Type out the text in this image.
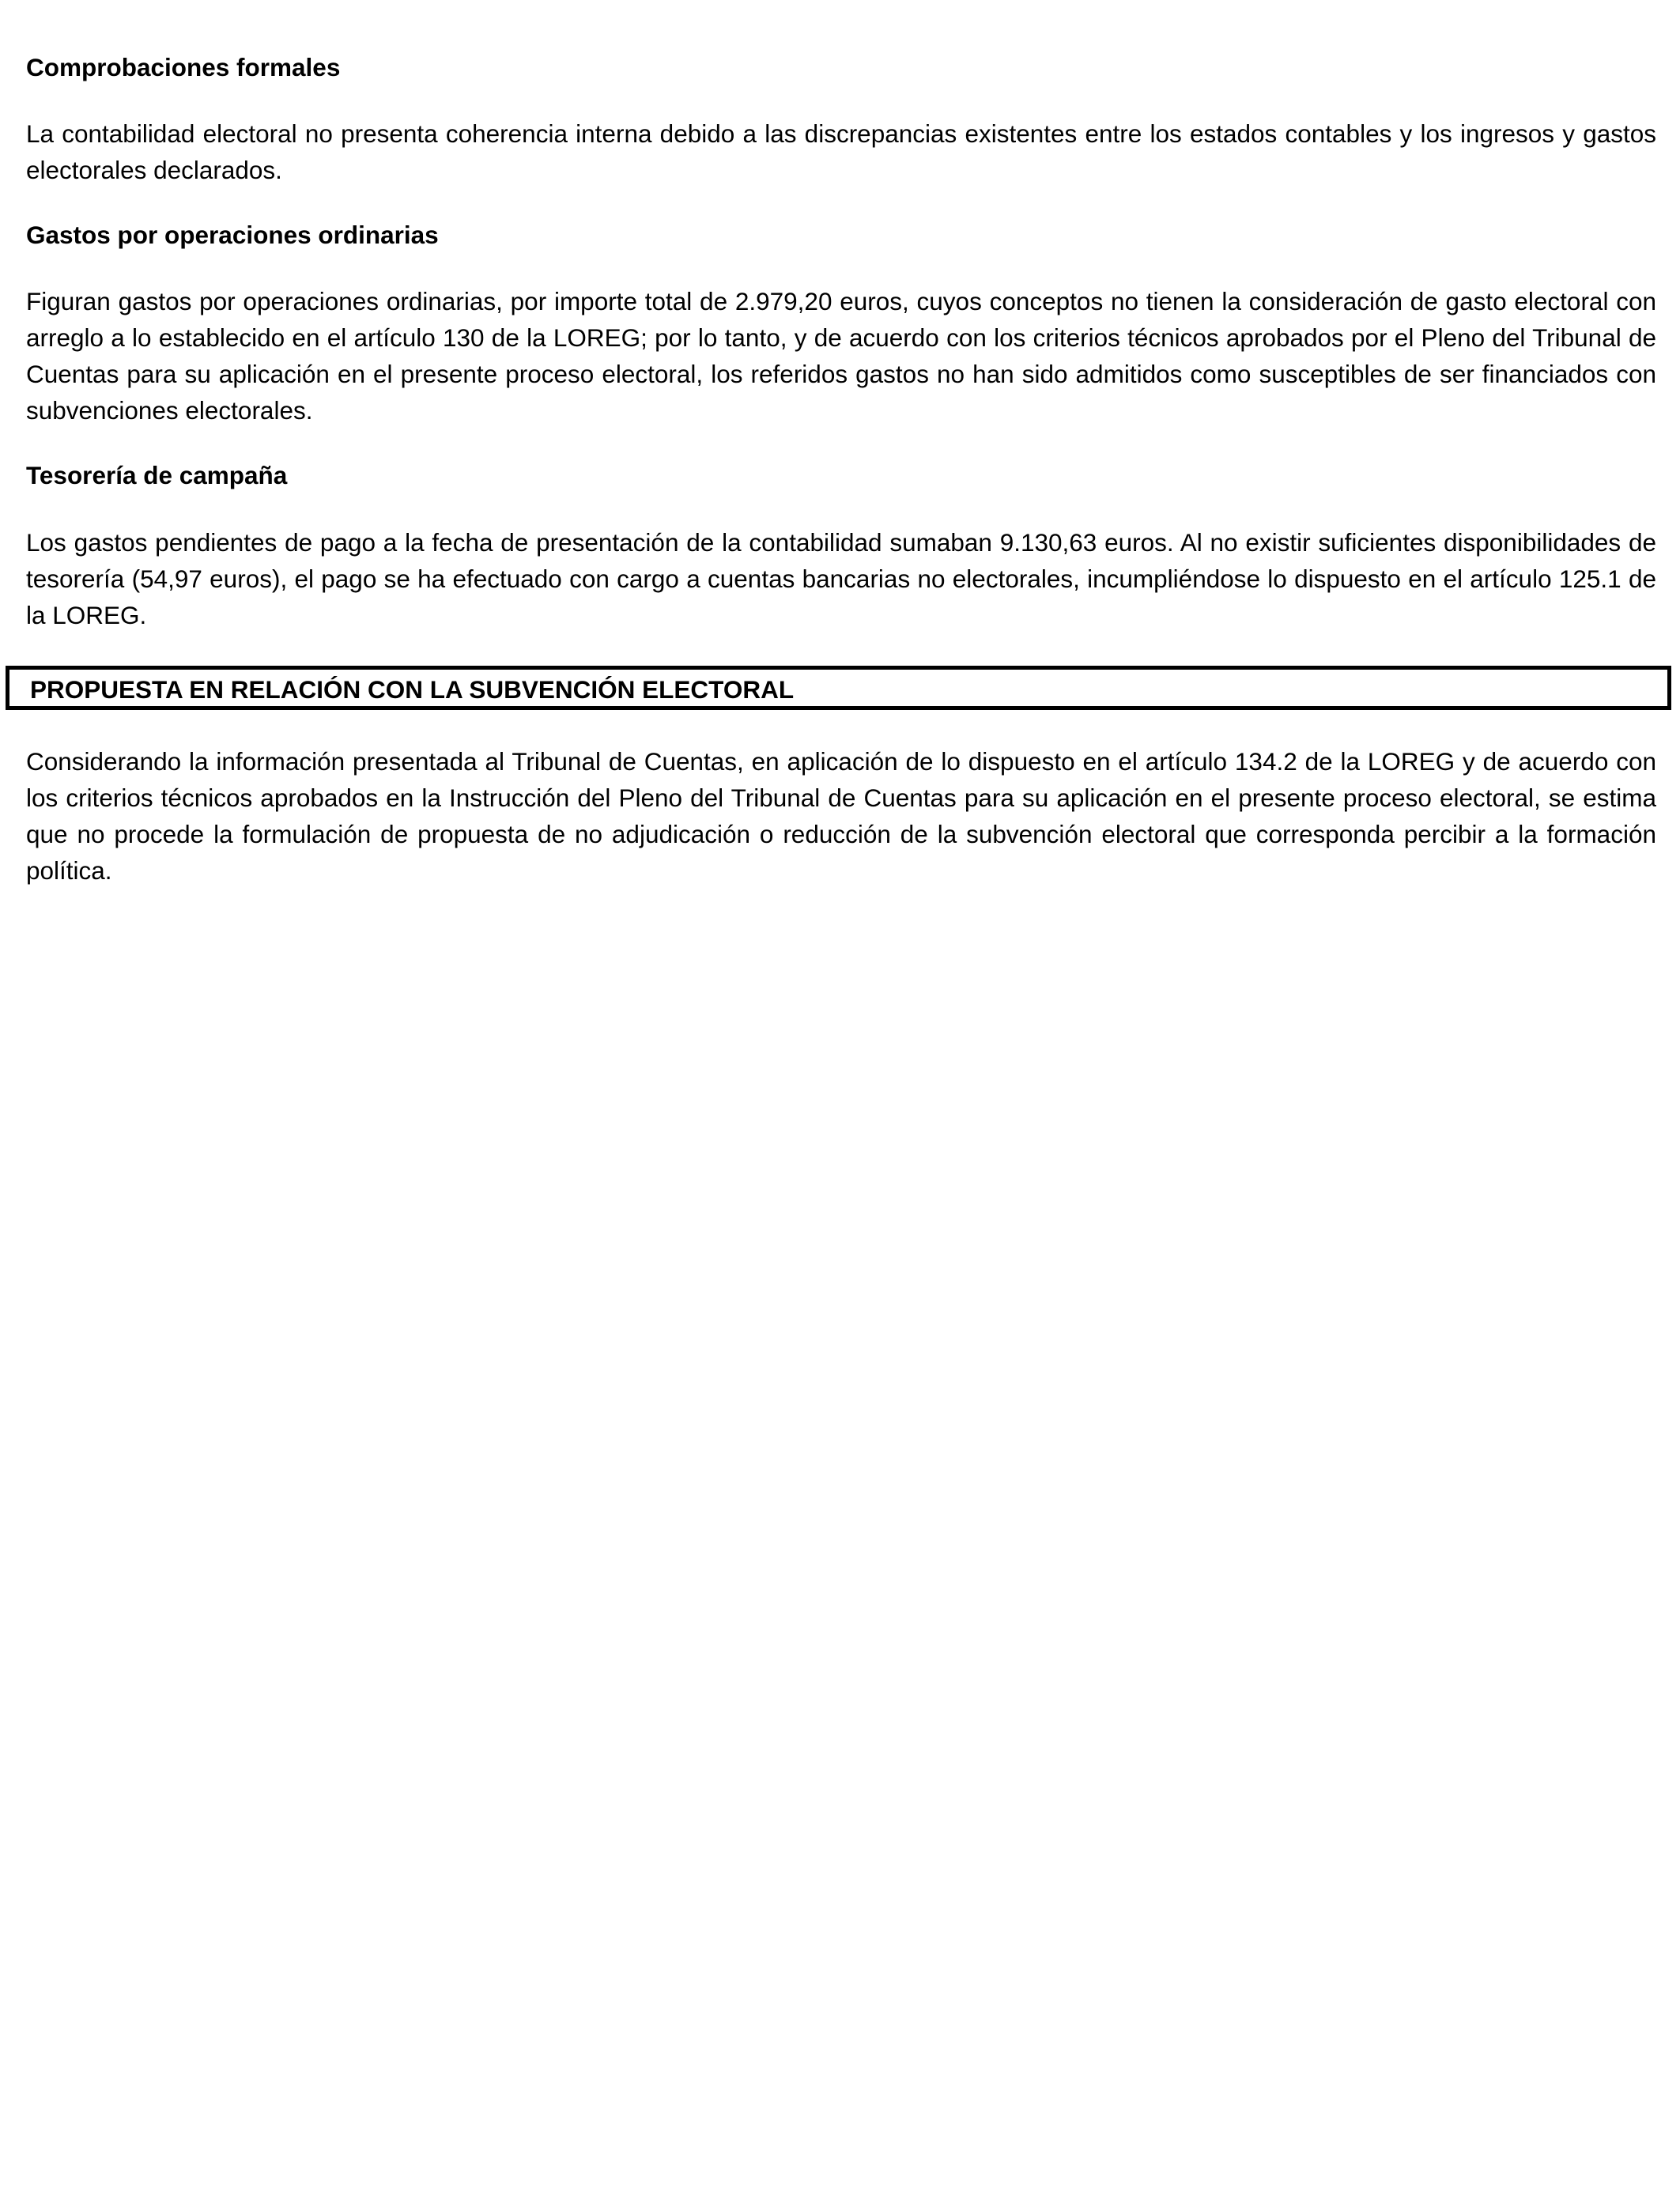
Comprobaciones formales
La contabilidad electoral no presenta coherencia interna debido a las discrepancias existentes entre los estados contables y los ingresos y gastos electorales declarados.
Gastos por operaciones ordinarias
Figuran gastos por operaciones ordinarias, por importe total de 2.979,20 euros, cuyos conceptos no tienen la consideración de gasto electoral con arreglo a lo establecido en el artículo 130 de la LOREG; por lo tanto, y de acuerdo con los criterios técnicos aprobados por el Pleno del Tribunal de Cuentas para su aplicación en el presente proceso electoral, los referidos gastos no han sido admitidos como susceptibles de ser financiados con subvenciones electorales.
Tesorería de campaña
Los gastos pendientes de pago a la fecha de presentación de la contabilidad sumaban 9.130,63 euros. Al no existir suficientes disponibilidades de tesorería (54,97 euros), el pago se ha efectuado con cargo a cuentas bancarias no electorales, incumpliéndose lo dispuesto en el artículo 125.1 de la LOREG.
PROPUESTA EN RELACIÓN CON LA SUBVENCIÓN ELECTORAL
Considerando la información presentada al Tribunal de Cuentas, en aplicación de lo dispuesto en el artículo 134.2 de la LOREG y de acuerdo con los criterios técnicos aprobados en la Instrucción del Pleno del Tribunal de Cuentas para su aplicación en el presente proceso electoral, se estima que no procede la formulación de propuesta de no adjudicación o reducción de la subvención electoral que corresponda percibir a la formación política.
